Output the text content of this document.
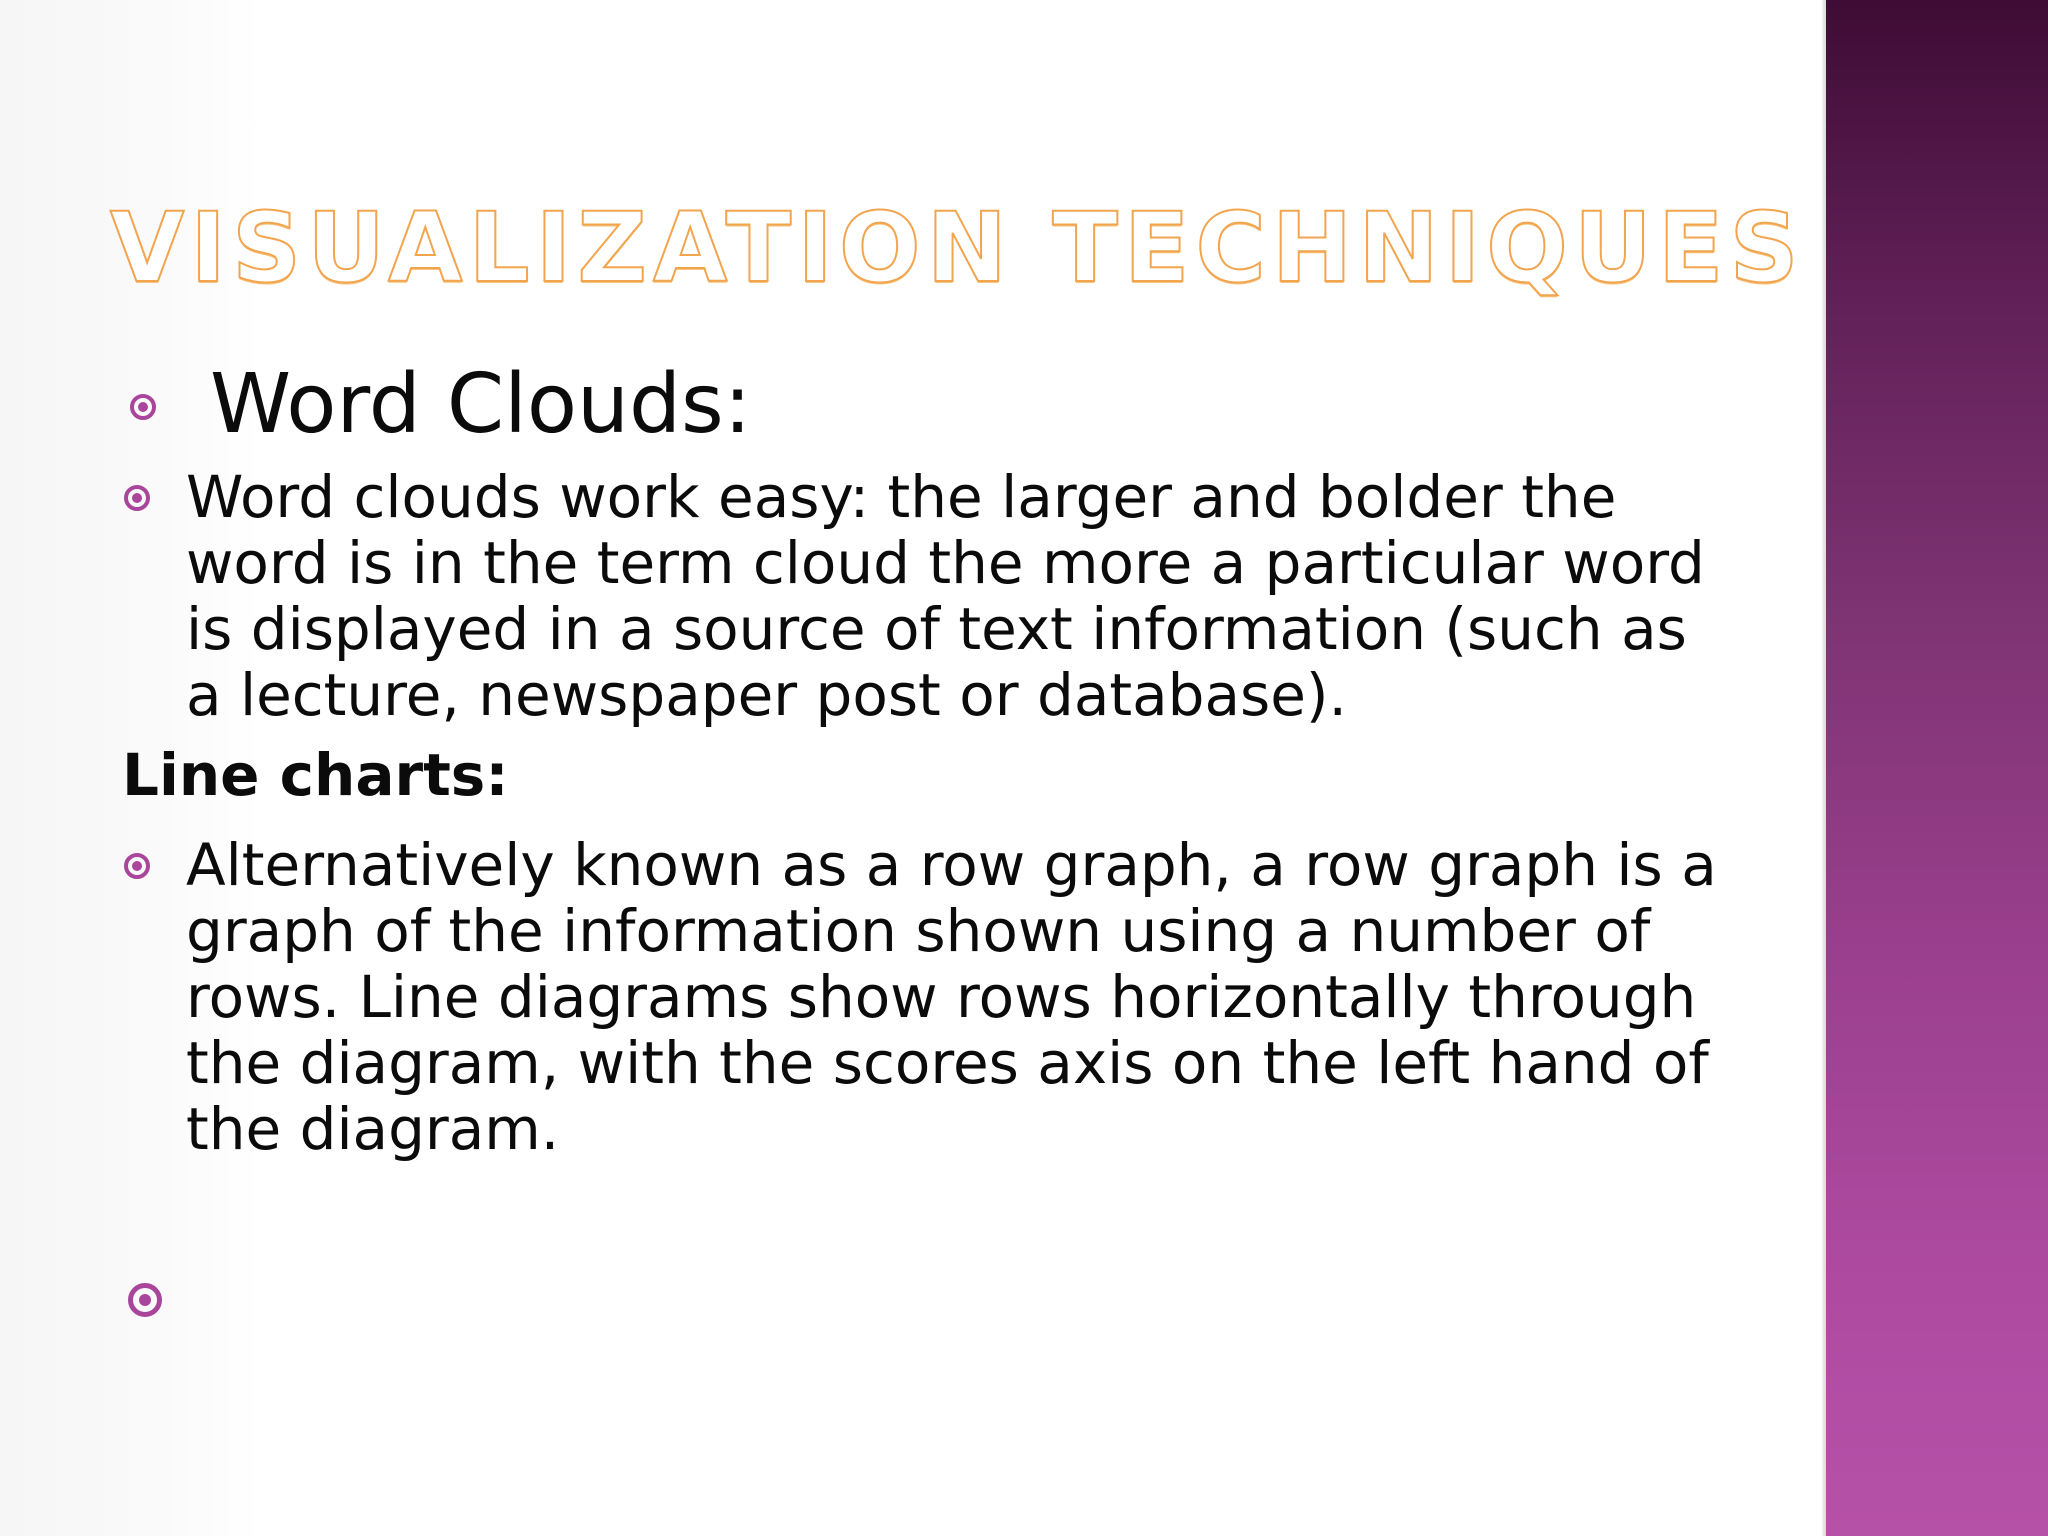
VISUALIZATION TECHNIQUES
Word Clouds:
Word clouds work easy: the larger and bolder the word is in the term cloud the more a particular word is displayed in a source of text information (such as a lecture, newspaper post or database).
Line charts:
Alternatively known as a row graph, a row graph is a graph of the information shown using a number of rows. Line diagrams show rows horizontally through the diagram, with the scores axis on the left hand of the diagram.
